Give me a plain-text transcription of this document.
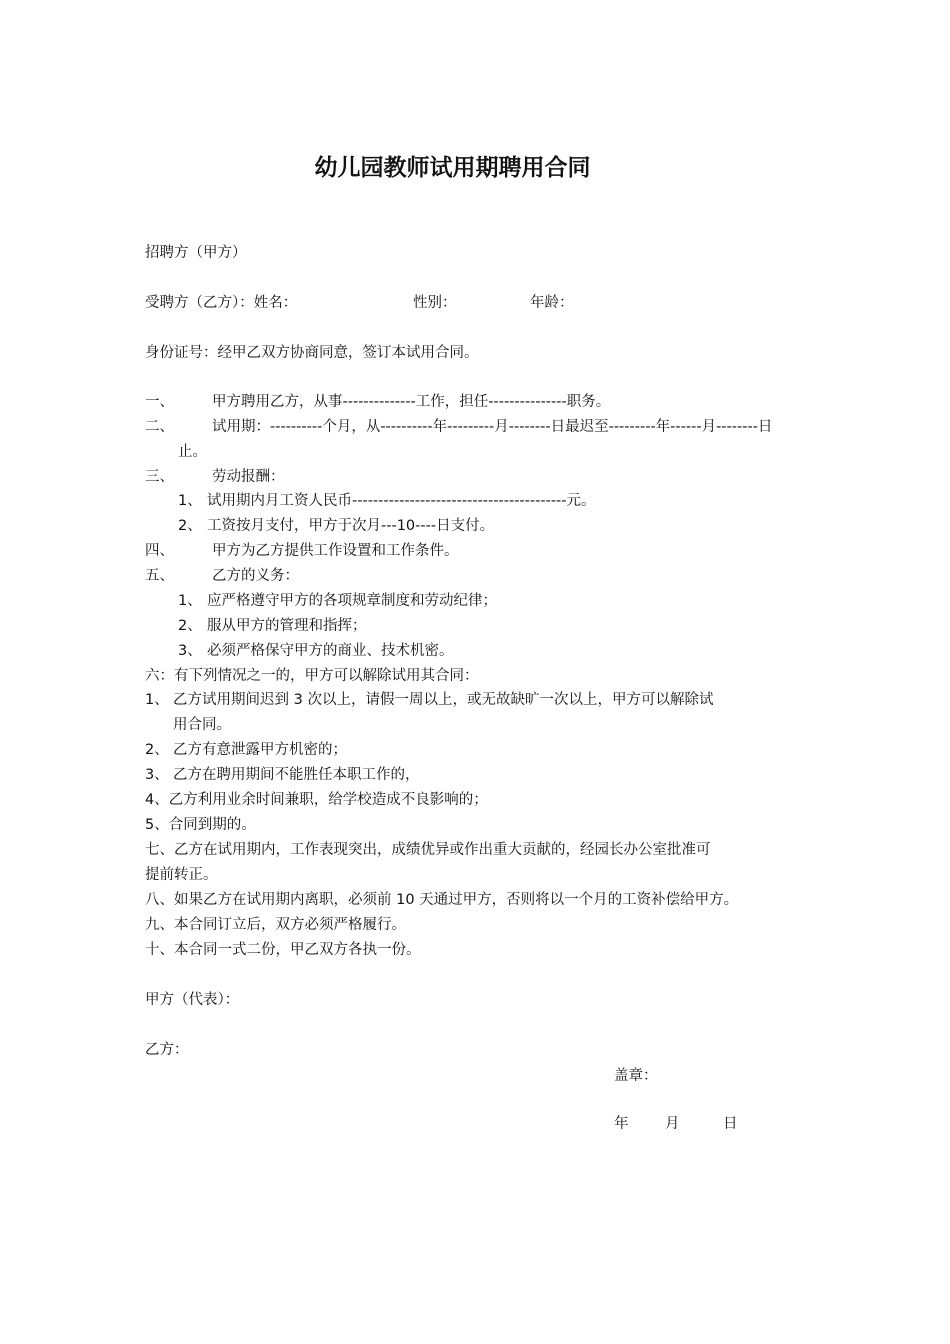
幼儿园教师试用期聘用合同
招聘方（甲方）
受聘方（乙方）：姓名：	性别：	年龄：
身份证号：经甲乙双方协商同意，签订本试用合同。
一、	甲方聘用乙方，从事--------------工作，担任---------------职务。
二、	试用期：----------个月，从----------年---------月--------日最迟至---------年------月--------日
止。
三、	劳动报酬：
1、 试用期内月工资人民币-----------------------------------------元。
2、 工资按月支付，甲方于次月---10----日支付。
四、	甲方为乙方提供工作设置和工作条件。
五、	乙方的义务：
1、 应严格遵守甲方的各项规章制度和劳动纪律；
2、 服从甲方的管理和指挥；
3、 必须严格保守甲方的商业、技术机密。
六：有下列情况之一的，甲方可以解除试用其合同：
1、 乙方试用期间迟到 3 次以上，请假一周以上，或无故缺旷一次以上，甲方可以解除试
用合同。
2、 乙方有意泄露甲方机密的；
3、 乙方在聘用期间不能胜任本职工作的，
4、乙方利用业余时间兼职，给学校造成不良影响的；
5、合同到期的。
七、乙方在试用期内，工作表现突出，成绩优异或作出重大贡献的，经园长办公室批准可
提前转正。
八、如果乙方在试用期内离职，必须前 10 天通过甲方，否则将以一个月的工资补偿给甲方。
九、本合同订立后，双方必须严格履行。
十、本合同一式二份，甲乙双方各执一份。
甲方（代表）：
乙方：
盖章：
年	月	日
